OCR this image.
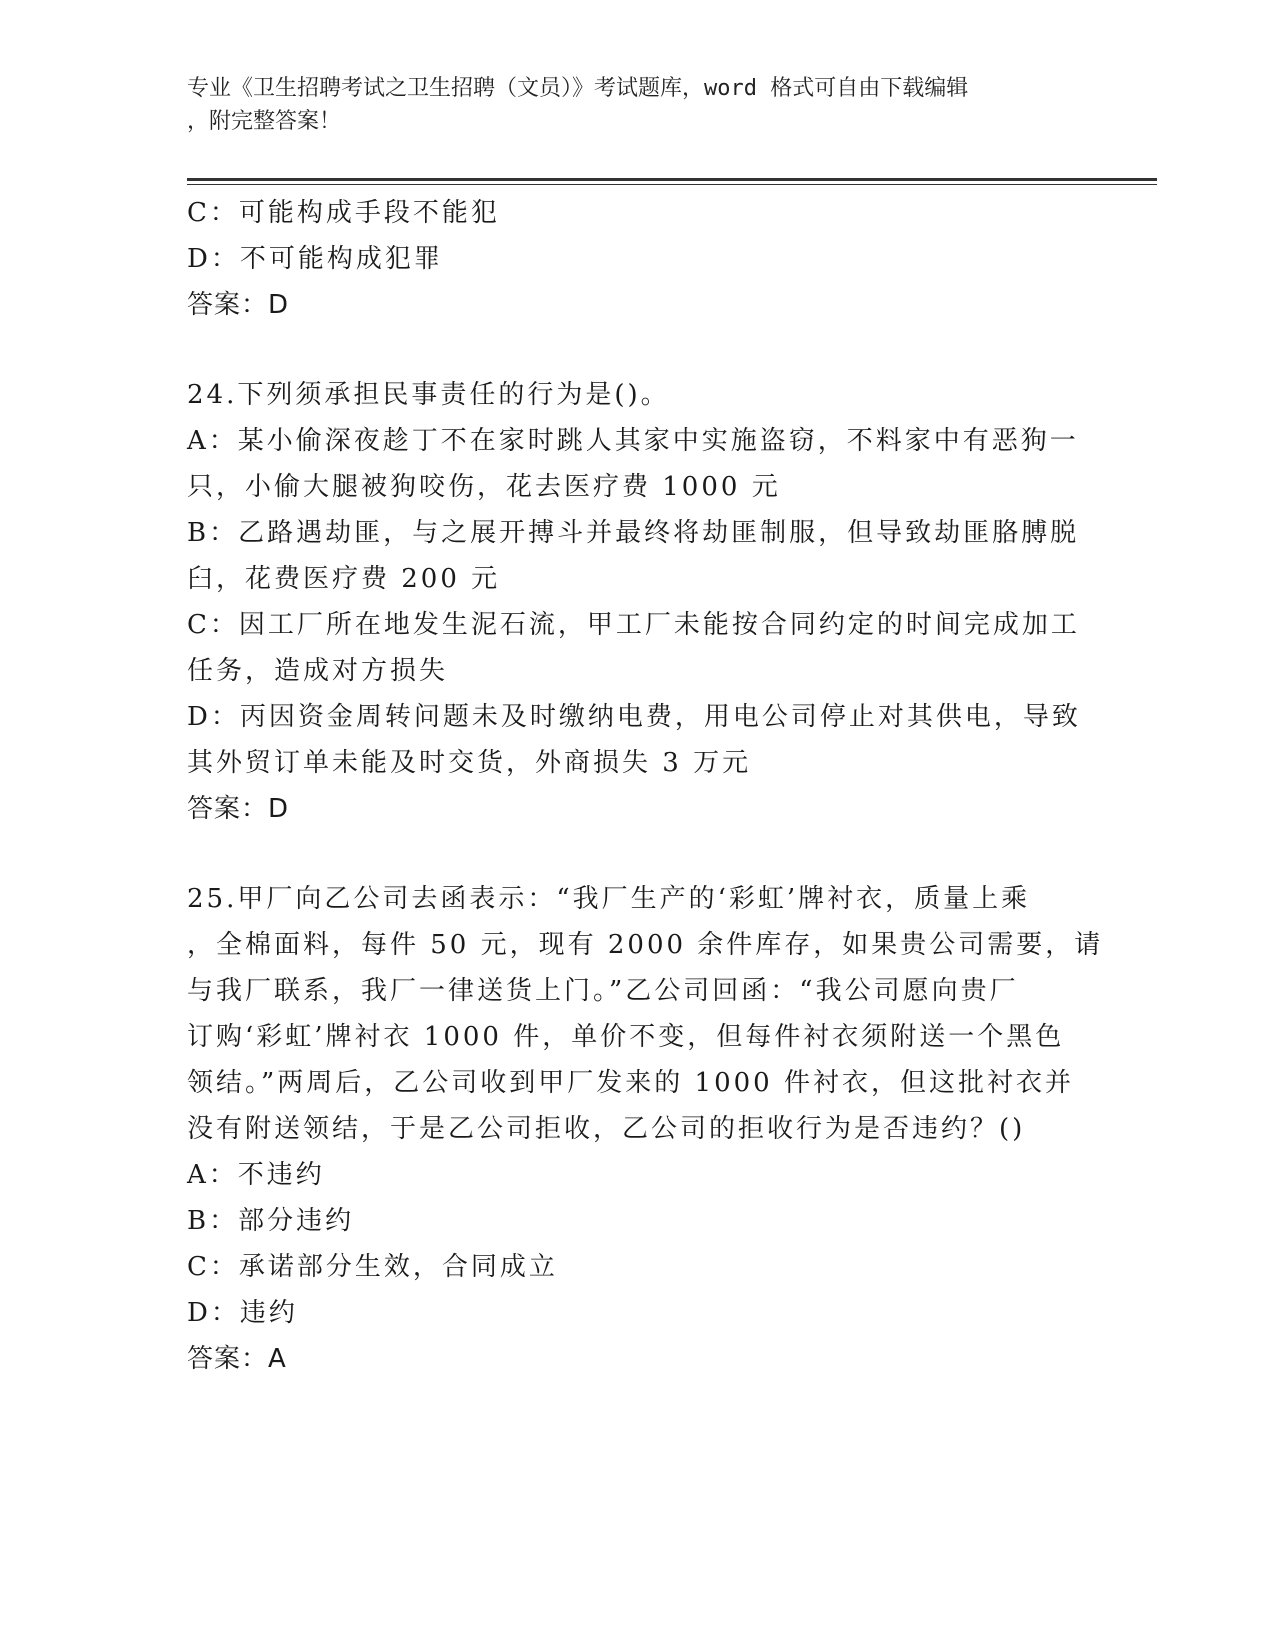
专业《卫生招聘考试之卫生招聘（文员）》考试题库，word 格式可自由下载编辑
，附完整答案！
C：可能构成手段不能犯
D：不可能构成犯罪
答案：D
24.下列须承担民事责任的行为是()。
A：某小偷深夜趁丁不在家时跳人其家中实施盗窃，不料家中有恶狗一
只，小偷大腿被狗咬伤，花去医疗费 1000 元
B：乙路遇劫匪，与之展开搏斗并最终将劫匪制服，但导致劫匪胳膊脱
臼，花费医疗费 200 元
C：因工厂所在地发生泥石流，甲工厂未能按合同约定的时间完成加工
任务，造成对方损失
D：丙因资金周转问题未及时缴纳电费，用电公司停止对其供电，导致
其外贸订单未能及时交货，外商损失 3 万元
答案：D
25.甲厂向乙公司去函表示：“我厂生产的‘彩虹’牌衬衣，质量上乘
，全棉面料，每件 50 元，现有 2000 余件库存，如果贵公司需要，请
与我厂联系，我厂一律送货上门。”乙公司回函：“我公司愿向贵厂
订购‘彩虹’牌衬衣 1000 件，单价不变，但每件衬衣须附送一个黑色
领结。”两周后，乙公司收到甲厂发来的 1000 件衬衣，但这批衬衣并
没有附送领结，于是乙公司拒收，乙公司的拒收行为是否违约？()
A：不违约
B：部分违约
C：承诺部分生效，合同成立
D：违约
答案：A
